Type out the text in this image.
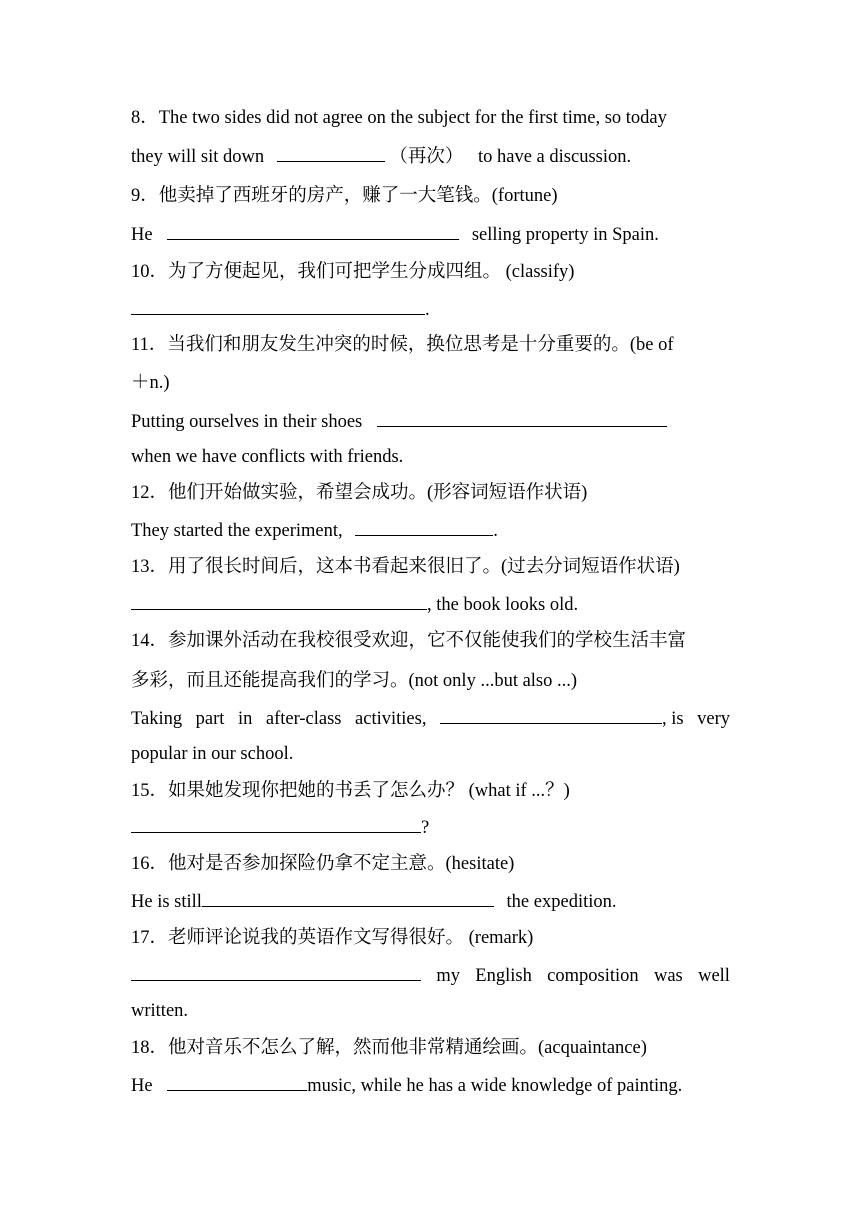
8．The two sides did not agree on the subject for the first time, so today
they will sit down	（再次） to have a discussion.
9．他卖掉了西班牙的房产，赚了一大笔钱。(fortune)
He	selling property in Spain.
10．为了方便起见，我们可把学生分成四组。 (classify)
.
11．当我们和朋友发生冲突的时候，换位思考是十分重要的。(be of
＋n.)
Putting ourselves in their shoes
when we have conflicts with friends.
12．他们开始做实验，希望会成功。(形容词短语作状语)
They started the experiment,	.
13．用了很长时间后，这本书看起来很旧了。(过去分词短语作状语)
, the book looks old.
14．参加课外活动在我校很受欢迎，它不仅能使我们的学校生活丰富
多彩，而且还能提高我们的学习。(not only ...but also ...)
Taking part in after-class activities,	, is very
popular in our school.
15．如果她发现你把她的书丢了怎么办？ (what if ...？)
?
16．他对是否参加探险仍拿不定主意。(hesitate)
He is still	the expedition.
17．老师评论说我的英语作文写得很好。 (remark)
my English composition was well
written.
18．他对音乐不怎么了解，然而他非常精通绘画。(acquaintance)
He	music, while he has a wide knowledge of painting.
